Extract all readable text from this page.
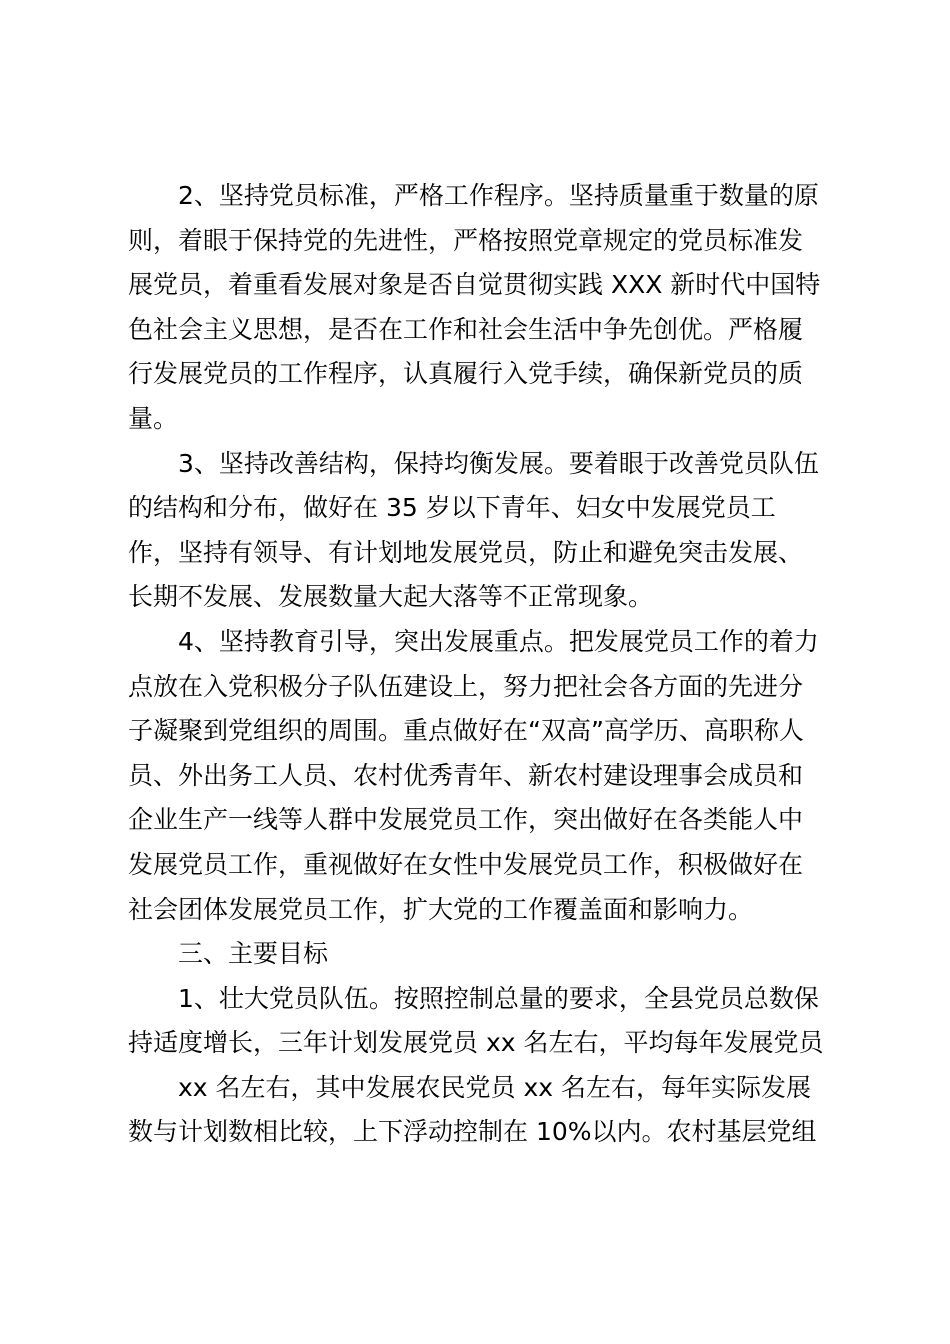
2、坚持党员标准，严格工作程序。坚持质量重于数量的原
则，着眼于保持党的先进性，严格按照党章规定的党员标准发
展党员，着重看发展对象是否自觉贯彻实践 XXX 新时代中国特
色社会主义思想，是否在工作和社会生活中争先创优。严格履
行发展党员的工作程序，认真履行入党手续，确保新党员的质
量。
3、坚持改善结构，保持均衡发展。要着眼于改善党员队伍
的结构和分布，做好在 35 岁以下青年、妇女中发展党员工
作，坚持有领导、有计划地发展党员，防止和避免突击发展、
长期不发展、发展数量大起大落等不正常现象。
4、坚持教育引导，突出发展重点。把发展党员工作的着力
点放在入党积极分子队伍建设上，努力把社会各方面的先进分
子凝聚到党组织的周围。重点做好在“双高”高学历、高职称人
员、外出务工人员、农村优秀青年、新农村建设理事会成员和
企业生产一线等人群中发展党员工作，突出做好在各类能人中
发展党员工作，重视做好在女性中发展党员工作，积极做好在
社会团体发展党员工作，扩大党的工作覆盖面和影响力。
三、主要目标
1、壮大党员队伍。按照控制总量的要求，全县党员总数保
持适度增长，三年计划发展党员 xx 名左右，平均每年发展党员
xx 名左右，其中发展农民党员 xx 名左右，每年实际发展
数与计划数相比较，上下浮动控制在 10%以内。农村基层党组
